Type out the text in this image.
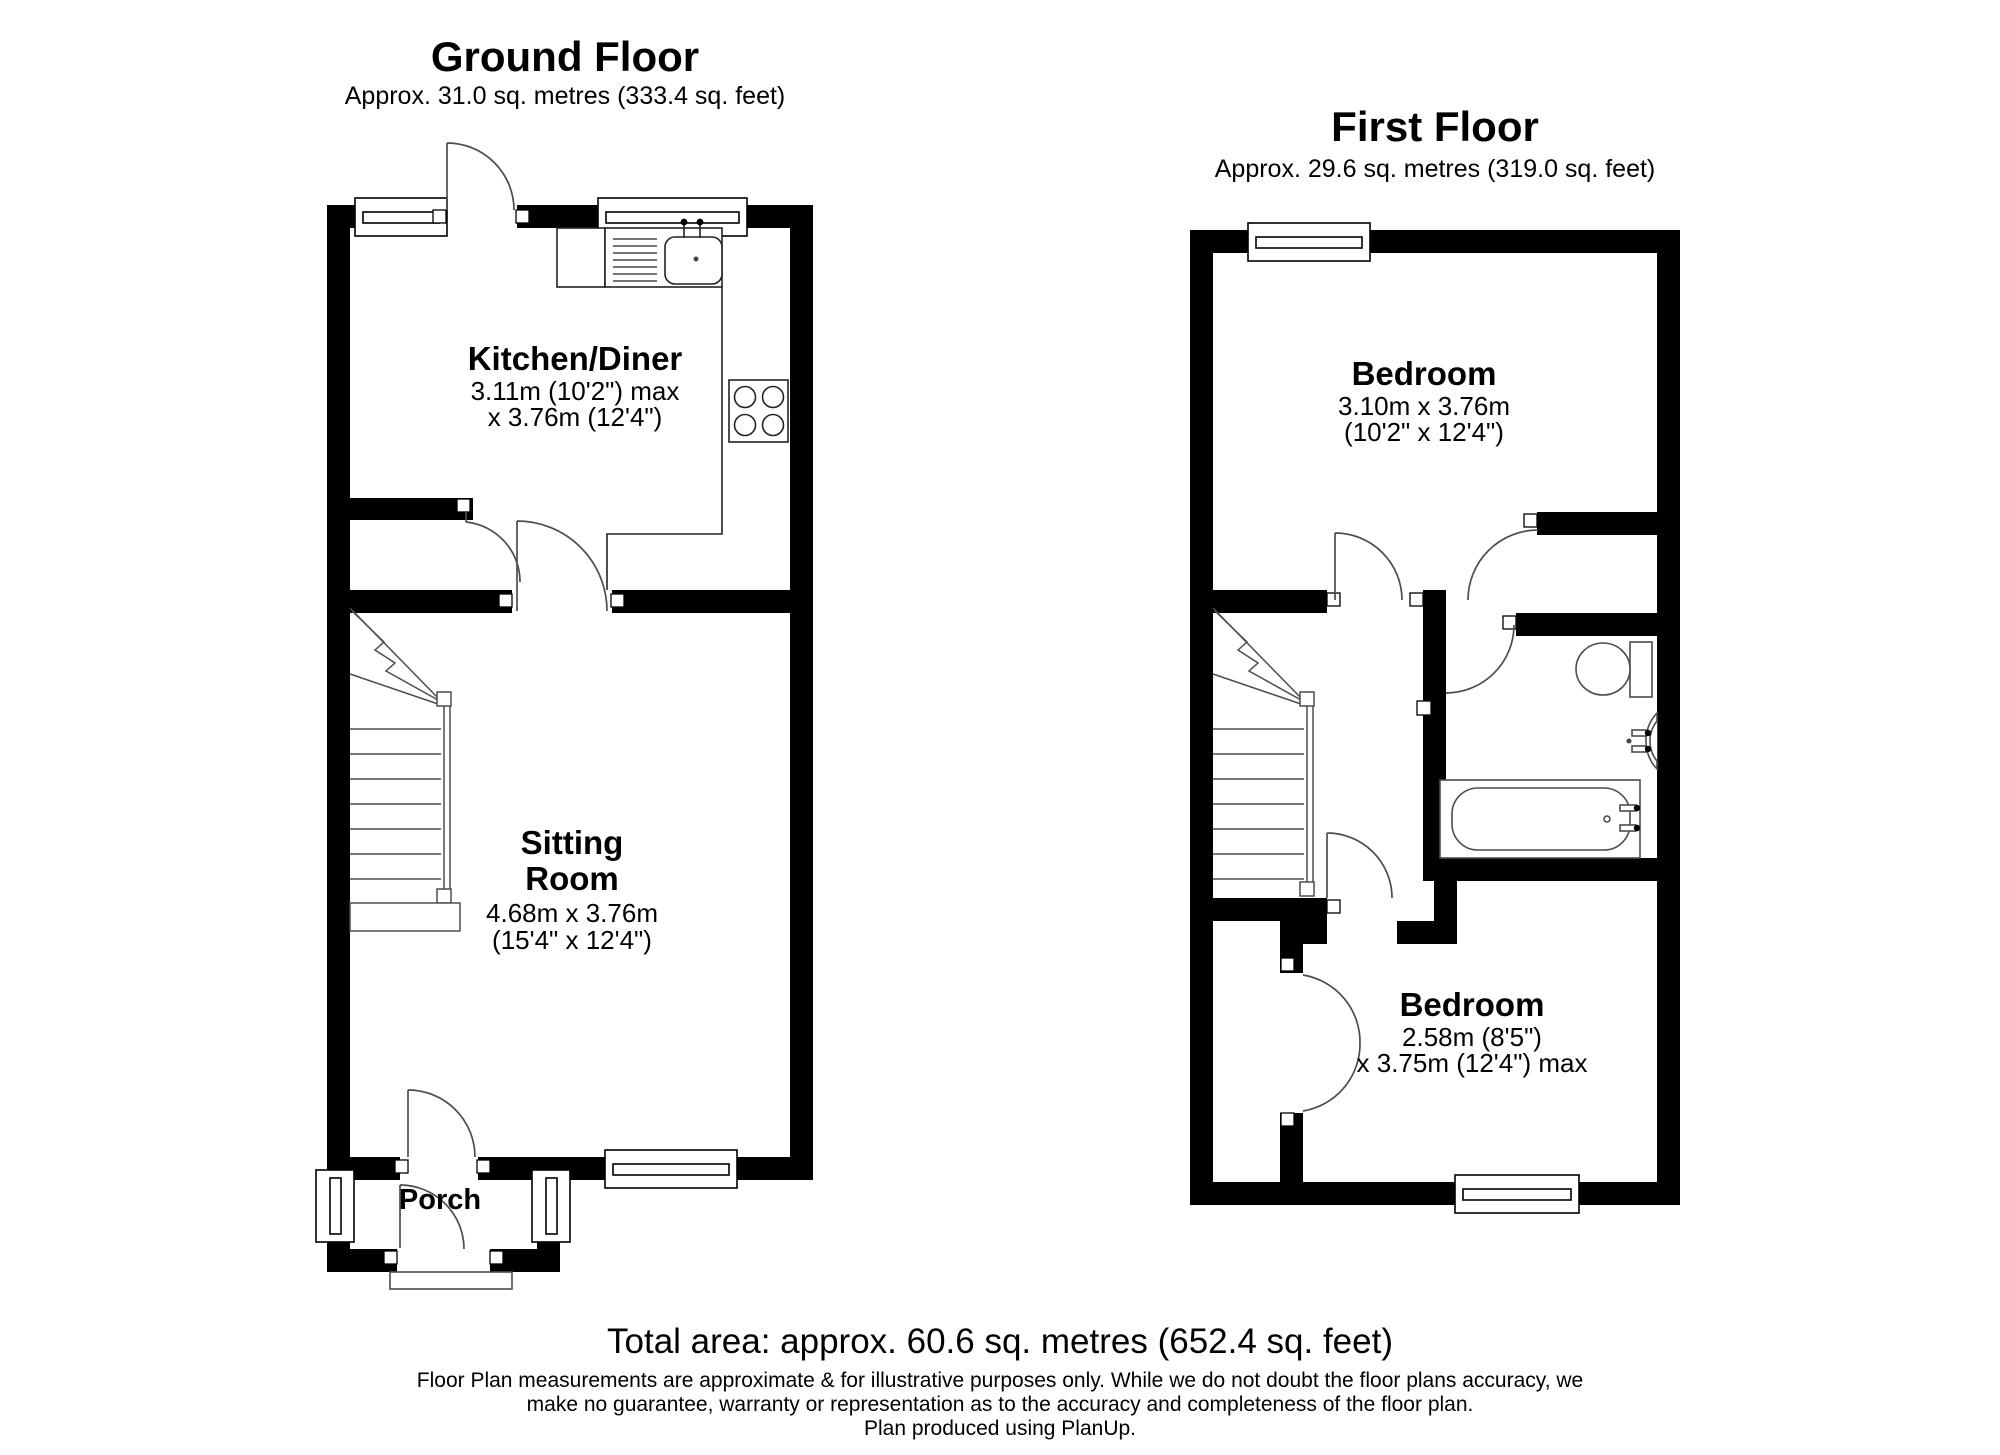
Ground Floor
Approx. 31.0 sq. metres (333.4 sq. feet)
First Floor
Approx. 29.6 sq. metres (319.0 sq. feet)
Kitchen/Diner
3.11m (10'2") max
x 3.76m (12'4")
Sitting
Room
4.68m x 3.76m
(15'4" x 12'4")
Porch
Bedroom
3.10m x 3.76m
(10'2" x 12'4")
Bedroom
2.58m (8'5")
x 3.75m (12'4") max
Total area: approx. 60.6 sq. metres (652.4 sq. feet)
Floor Plan measurements are approximate & for illustrative purposes only. While we do not doubt the floor plans accuracy, we
make no guarantee, warranty or representation as to the accuracy and completeness of the floor plan.
Plan produced using PlanUp.
